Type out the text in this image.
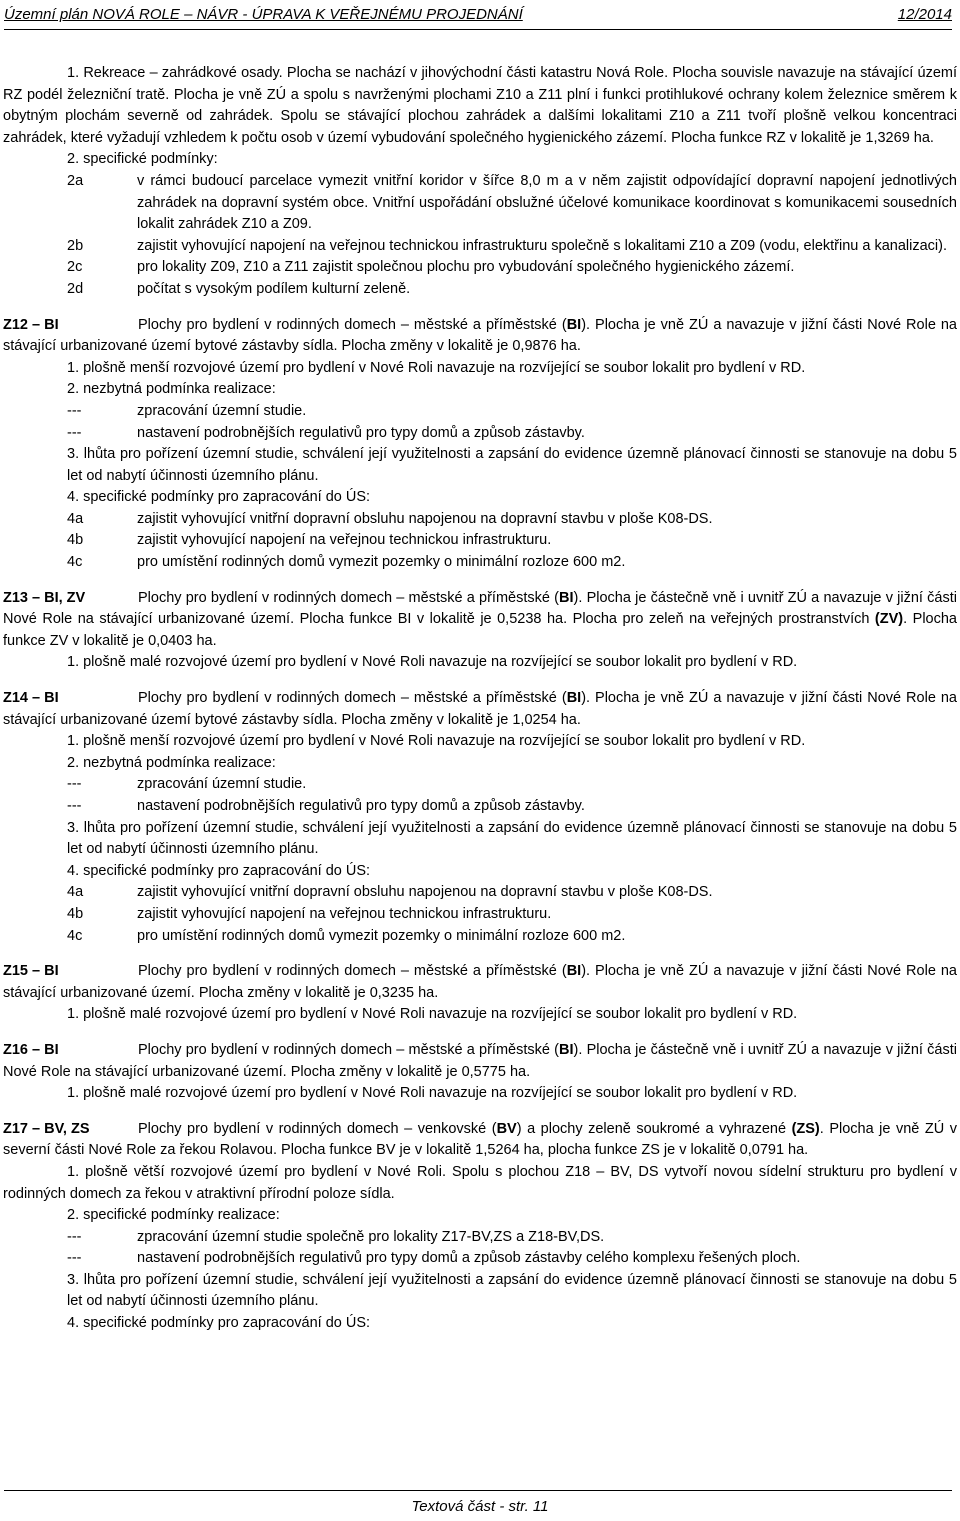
Územní plán NOVÁ ROLE – NÁVR - ÚPRAVA K VEŘEJNÉMU PROJEDNÁNÍ	12/2014

1. Rekreace – zahrádkové osady. Plocha se nachází v jihovýchodní části katastru Nová Role. Plocha souvisle navazuje na stávající území RZ podél železniční tratě. Plocha je vně ZÚ a spolu s navrženými plochami Z10 a Z11 plní i funkci protihlukové ochrany kolem železnice směrem k obytným plochám severně od zahrádek. Spolu se stávající plochou zahrádek a dalšími lokalitami Z10 a Z11 tvoří plošně velkou koncentraci zahrádek, které vyžadují vzhledem k počtu osob v území vybudování společného hygienického zázemí. Plocha funkce RZ v lokalitě je 1,3269 ha.

2. specifické podmínky:

2a	v rámci budoucí parcelace vymezit vnitřní koridor v šířce 8,0 m a v něm zajistit odpovídající dopravní napojení jednotlivých zahrádek na dopravní systém obce. Vnitřní uspořádání obslužné účelové komunikace koordinovat s komunikacemi sousedních lokalit zahrádek Z10 a Z09.
2b	zajistit vyhovující napojení na veřejnou technickou infrastrukturu společně s lokalitami Z10 a Z09 (vodu, elektřinu a kanalizaci).
2c	pro lokality Z09, Z10 a Z11 zajistit společnou plochu pro vybudování společného hygienického zázemí.
2d	počítat s vysokým podílem kulturní zeleně.

Z12 – BI	Plochy pro bydlení v rodinných domech – městské a příměstské (BI). Plocha je vně ZÚ a navazuje v jižní části Nové Role na stávající urbanizované území bytové zástavby sídla. Plocha změny v lokalitě je 0,9876 ha.

1. plošně menší rozvojové území pro bydlení v Nové Roli navazuje na rozvíjející se soubor lokalit pro bydlení v RD.

2. nezbytná podmínka realizace:

---	zpracování územní studie.
---	nastavení podrobnějších regulativů pro typy domů a způsob zástavby.

3. lhůta pro pořízení územní studie, schválení její využitelnosti a zapsání do evidence územně plánovací činnosti se stanovuje na dobu 5 let od nabytí účinnosti územního plánu.

4. specifické podmínky pro zapracování do ÚS:

4a	zajistit vyhovující vnitřní dopravní obsluhu napojenou na dopravní stavbu v ploše K08-DS.
4b	zajistit vyhovující napojení na veřejnou technickou infrastrukturu.
4c	pro umístění rodinných domů vymezit pozemky o minimální rozloze 600 m2.

Z13 – BI, ZV	Plochy pro bydlení v rodinných domech – městské a příměstské (BI). Plocha je částečně vně i uvnitř ZÚ a navazuje v jižní části Nové Role na stávající urbanizované území. Plocha funkce BI v lokalitě je 0,5238 ha. Plocha pro zeleň na veřejných prostranstvích (ZV). Plocha funkce ZV v lokalitě je 0,0403 ha.

1. plošně malé rozvojové území pro bydlení v Nové Roli navazuje na rozvíjející se soubor lokalit pro bydlení v RD.

Z14 – BI	Plochy pro bydlení v rodinných domech – městské a příměstské (BI). Plocha je vně ZÚ a navazuje v jižní části Nové Role na stávající urbanizované území bytové zástavby sídla. Plocha změny v lokalitě je 1,0254 ha.

1. plošně menší rozvojové území pro bydlení v Nové Roli navazuje na rozvíjející se soubor lokalit pro bydlení v RD.

2. nezbytná podmínka realizace:

---	zpracování územní studie.
---	nastavení podrobnějších regulativů pro typy domů a způsob zástavby.

3. lhůta pro pořízení územní studie, schválení její využitelnosti a zapsání do evidence územně plánovací činnosti se stanovuje na dobu 5 let od nabytí účinnosti územního plánu.

4. specifické podmínky pro zapracování do ÚS:

4a	zajistit vyhovující vnitřní dopravní obsluhu napojenou na dopravní stavbu v ploše K08-DS.
4b	zajistit vyhovující napojení na veřejnou technickou infrastrukturu.
4c	pro umístění rodinných domů vymezit pozemky o minimální rozloze 600 m2.

Z15 – BI	Plochy pro bydlení v rodinných domech – městské a příměstské (BI). Plocha je vně ZÚ a navazuje v jižní části Nové Role na stávající urbanizované území. Plocha změny v lokalitě je 0,3235 ha.

1. plošně malé rozvojové území pro bydlení v Nové Roli navazuje na rozvíjející se soubor lokalit pro bydlení v RD.

Z16 – BI	Plochy pro bydlení v rodinných domech – městské a příměstské (BI). Plocha je částečně vně i uvnitř ZÚ a navazuje v jižní části Nové Role na stávající urbanizované území. Plocha změny v lokalitě je 0,5775 ha.

1. plošně malé rozvojové území pro bydlení v Nové Roli navazuje na rozvíjející se soubor lokalit pro bydlení v RD.

Z17 – BV, ZS	Plochy pro bydlení v rodinných domech – venkovské (BV) a plochy zeleně soukromé a vyhrazené (ZS). Plocha je vně ZÚ v severní části Nové Role za řekou Rolavou. Plocha funkce BV je v lokalitě 1,5264 ha, plocha funkce ZS je v lokalitě 0,0791 ha.

1. plošně větší rozvojové území pro bydlení v Nové Roli. Spolu s plochou Z18 – BV, DS vytvoří novou sídelní strukturu pro bydlení v rodinných domech za řekou v atraktivní přírodní poloze sídla.

2. specifické podmínky realizace:

---	zpracování územní studie společně pro lokality Z17-BV,ZS a Z18-BV,DS.
---	nastavení podrobnějších regulativů pro typy domů a způsob zástavby celého komplexu řešených ploch.

3. lhůta pro pořízení územní studie, schválení její využitelnosti a zapsání do evidence územně plánovací činnosti se stanovuje na dobu 5 let od nabytí účinnosti územního plánu.

4. specifické podmínky pro zapracování do ÚS:

Textová část - str. 11
